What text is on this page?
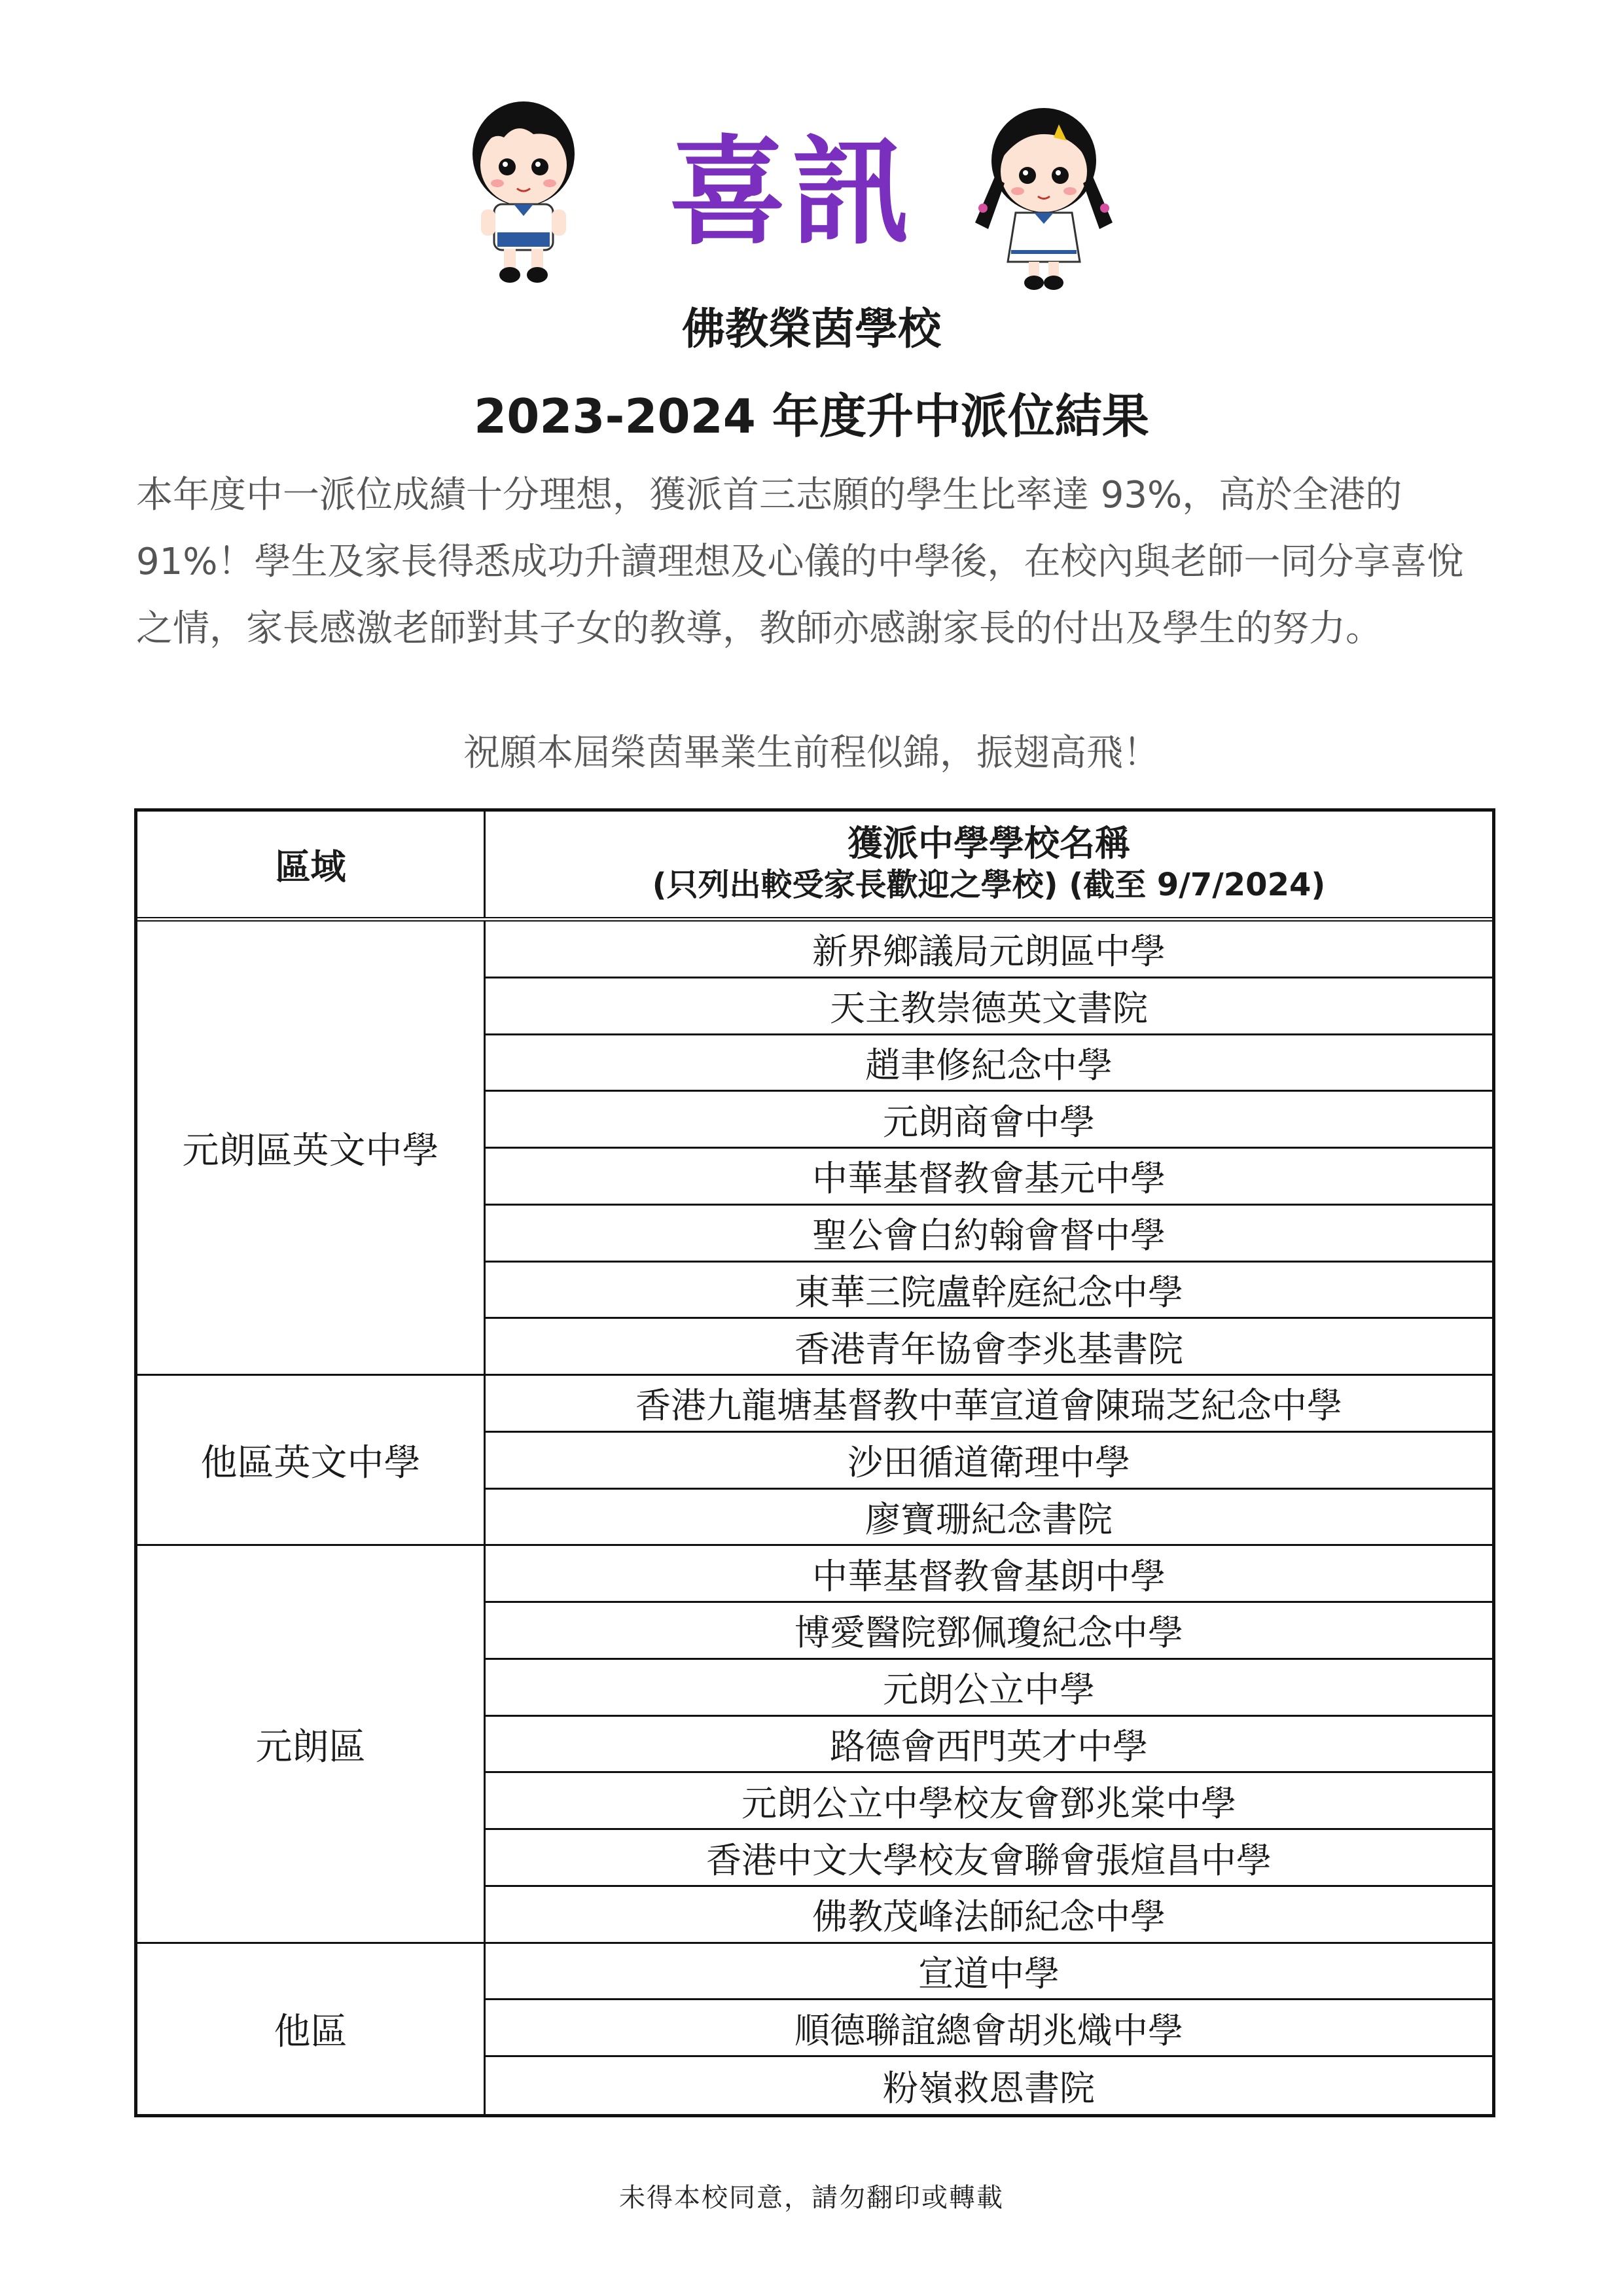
喜訊
佛教榮茵學校
2023-2024 年度升中派位結果

本年度中一派位成績十分理想，獲派首三志願的學生比率達 93%，高於全港的 91%！學生及家長得悉成功升讀理想及心儀的中學後，在校內與老師一同分享喜悅之情，家長感激老師對其子女的教導，教師亦感謝家長的付出及學生的努力。

祝願本屆榮茵畢業生前程似錦，振翅高飛！
區域
獲派中學學校名稱
(只列出較受家長歡迎之學校) (截至 9/7/2024)
元朗區英文中學
新界鄉議局元朗區中學
天主教崇德英文書院
趙聿修紀念中學
元朗商會中學
中華基督教會基元中學
聖公會白約翰會督中學
東華三院盧幹庭紀念中學
香港青年協會李兆基書院
他區英文中學
香港九龍塘基督教中華宣道會陳瑞芝紀念中學
沙田循道衛理中學
廖寶珊紀念書院
元朗區
中華基督教會基朗中學
博愛醫院鄧佩瓊紀念中學
元朗公立中學
路德會西門英才中學
元朗公立中學校友會鄧兆棠中學
香港中文大學校友會聯會張煊昌中學
佛教茂峰法師紀念中學
他區
宣道中學
順德聯誼總會胡兆熾中學
粉嶺救恩書院
未得本校同意，請勿翻印或轉載
